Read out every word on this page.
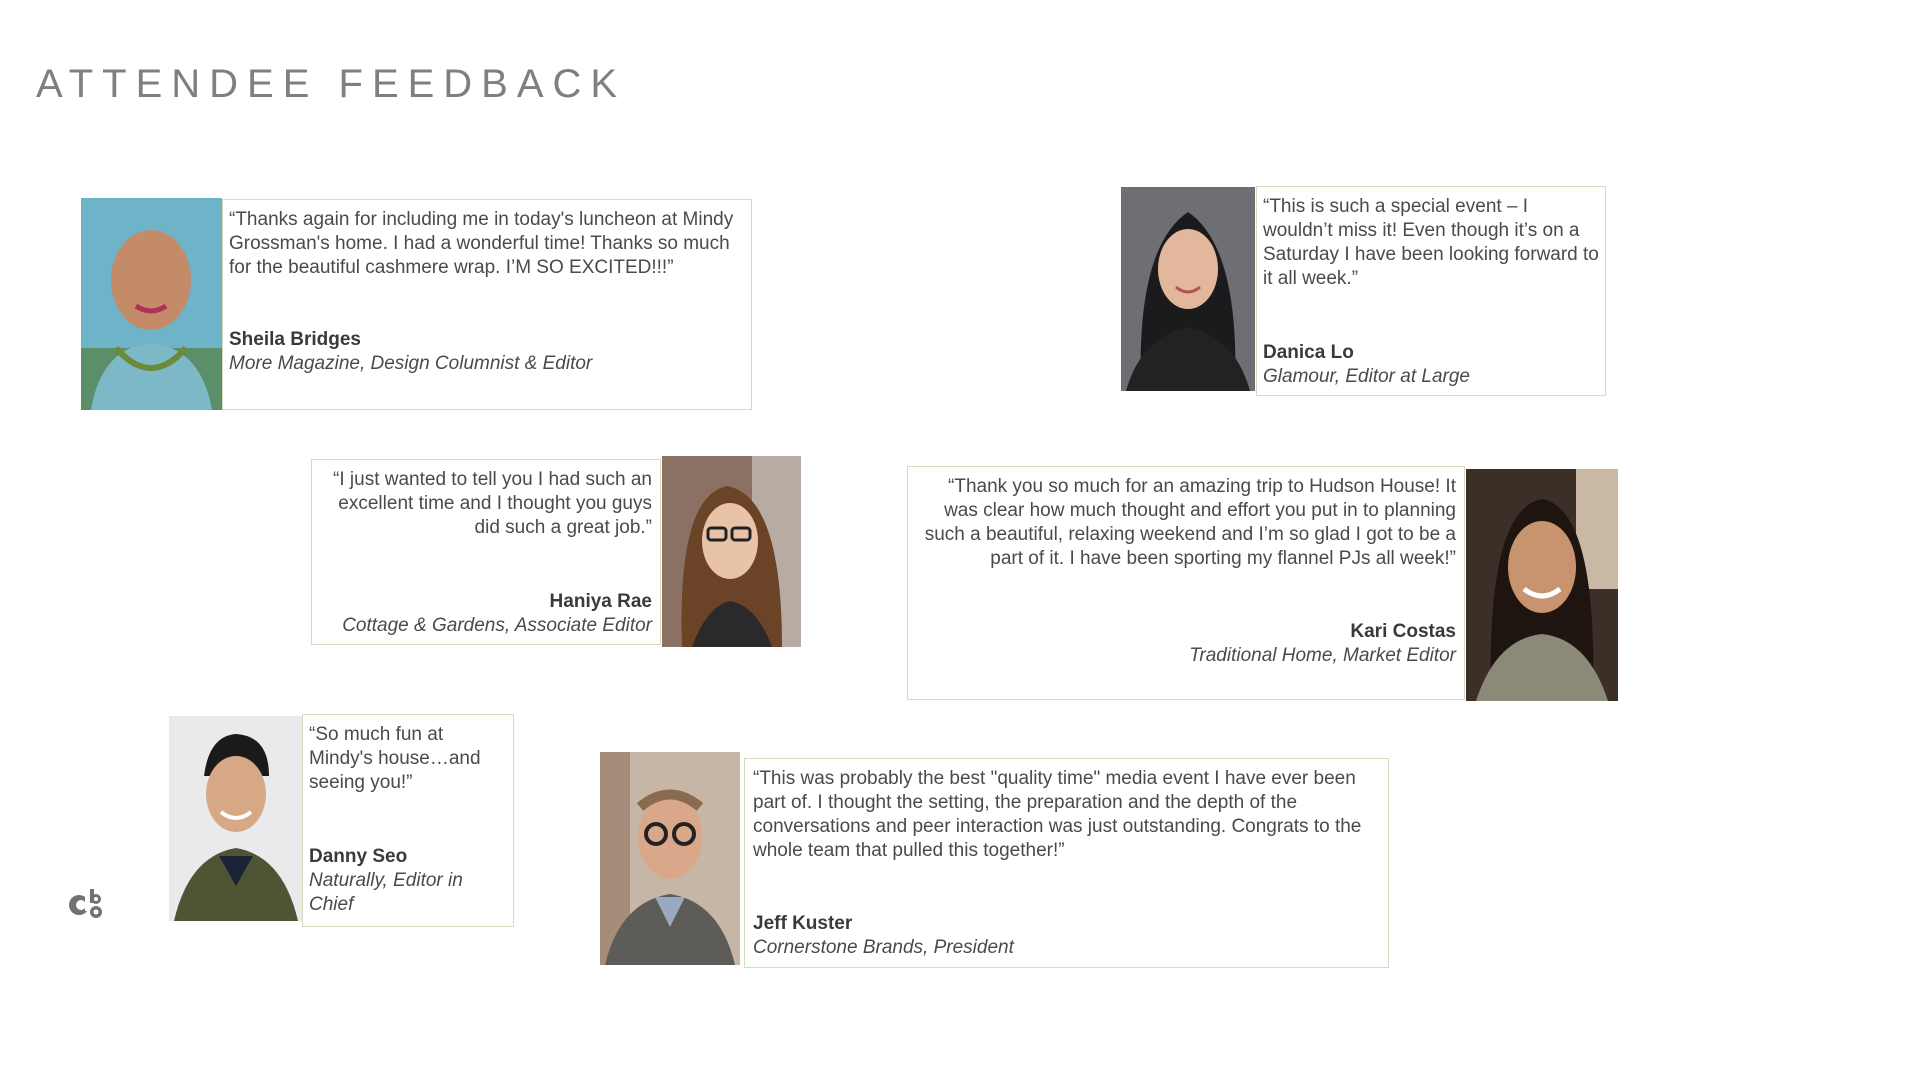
ATTENDEE FEEDBACK
“Thanks again for including me in today's luncheon at Mindy Grossman's home. I had a wonderful time! Thanks so much for the beautiful cashmere wrap. I’M SO EXCITED!!!”
Sheila Bridges
More Magazine, Design Columnist & Editor
“This is such a special event – I wouldn’t miss it! Even though it’s on a Saturday I have been looking forward to it all week.”
Danica Lo
Glamour, Editor at Large
“I just wanted to tell you I had such an excellent time and I thought you guys did such a great job.”
Haniya Rae
Cottage & Gardens, Associate Editor
“Thank you so much for an amazing trip to Hudson House! It was clear how much thought and effort you put in to planning such a beautiful, relaxing weekend and I’m so glad I got to be a part of it. I have been sporting my flannel PJs all week!”
Kari Costas
Traditional Home, Market Editor
“So much fun at Mindy's house…and seeing you!”
Danny Seo
Naturally, Editor in Chief
“This was probably the best "quality time" media event I have ever been part of. I thought the setting, the preparation and the depth of the conversations and peer interaction was just outstanding. Congrats to the whole team that pulled this together!”
Jeff Kuster
Cornerstone Brands, President
